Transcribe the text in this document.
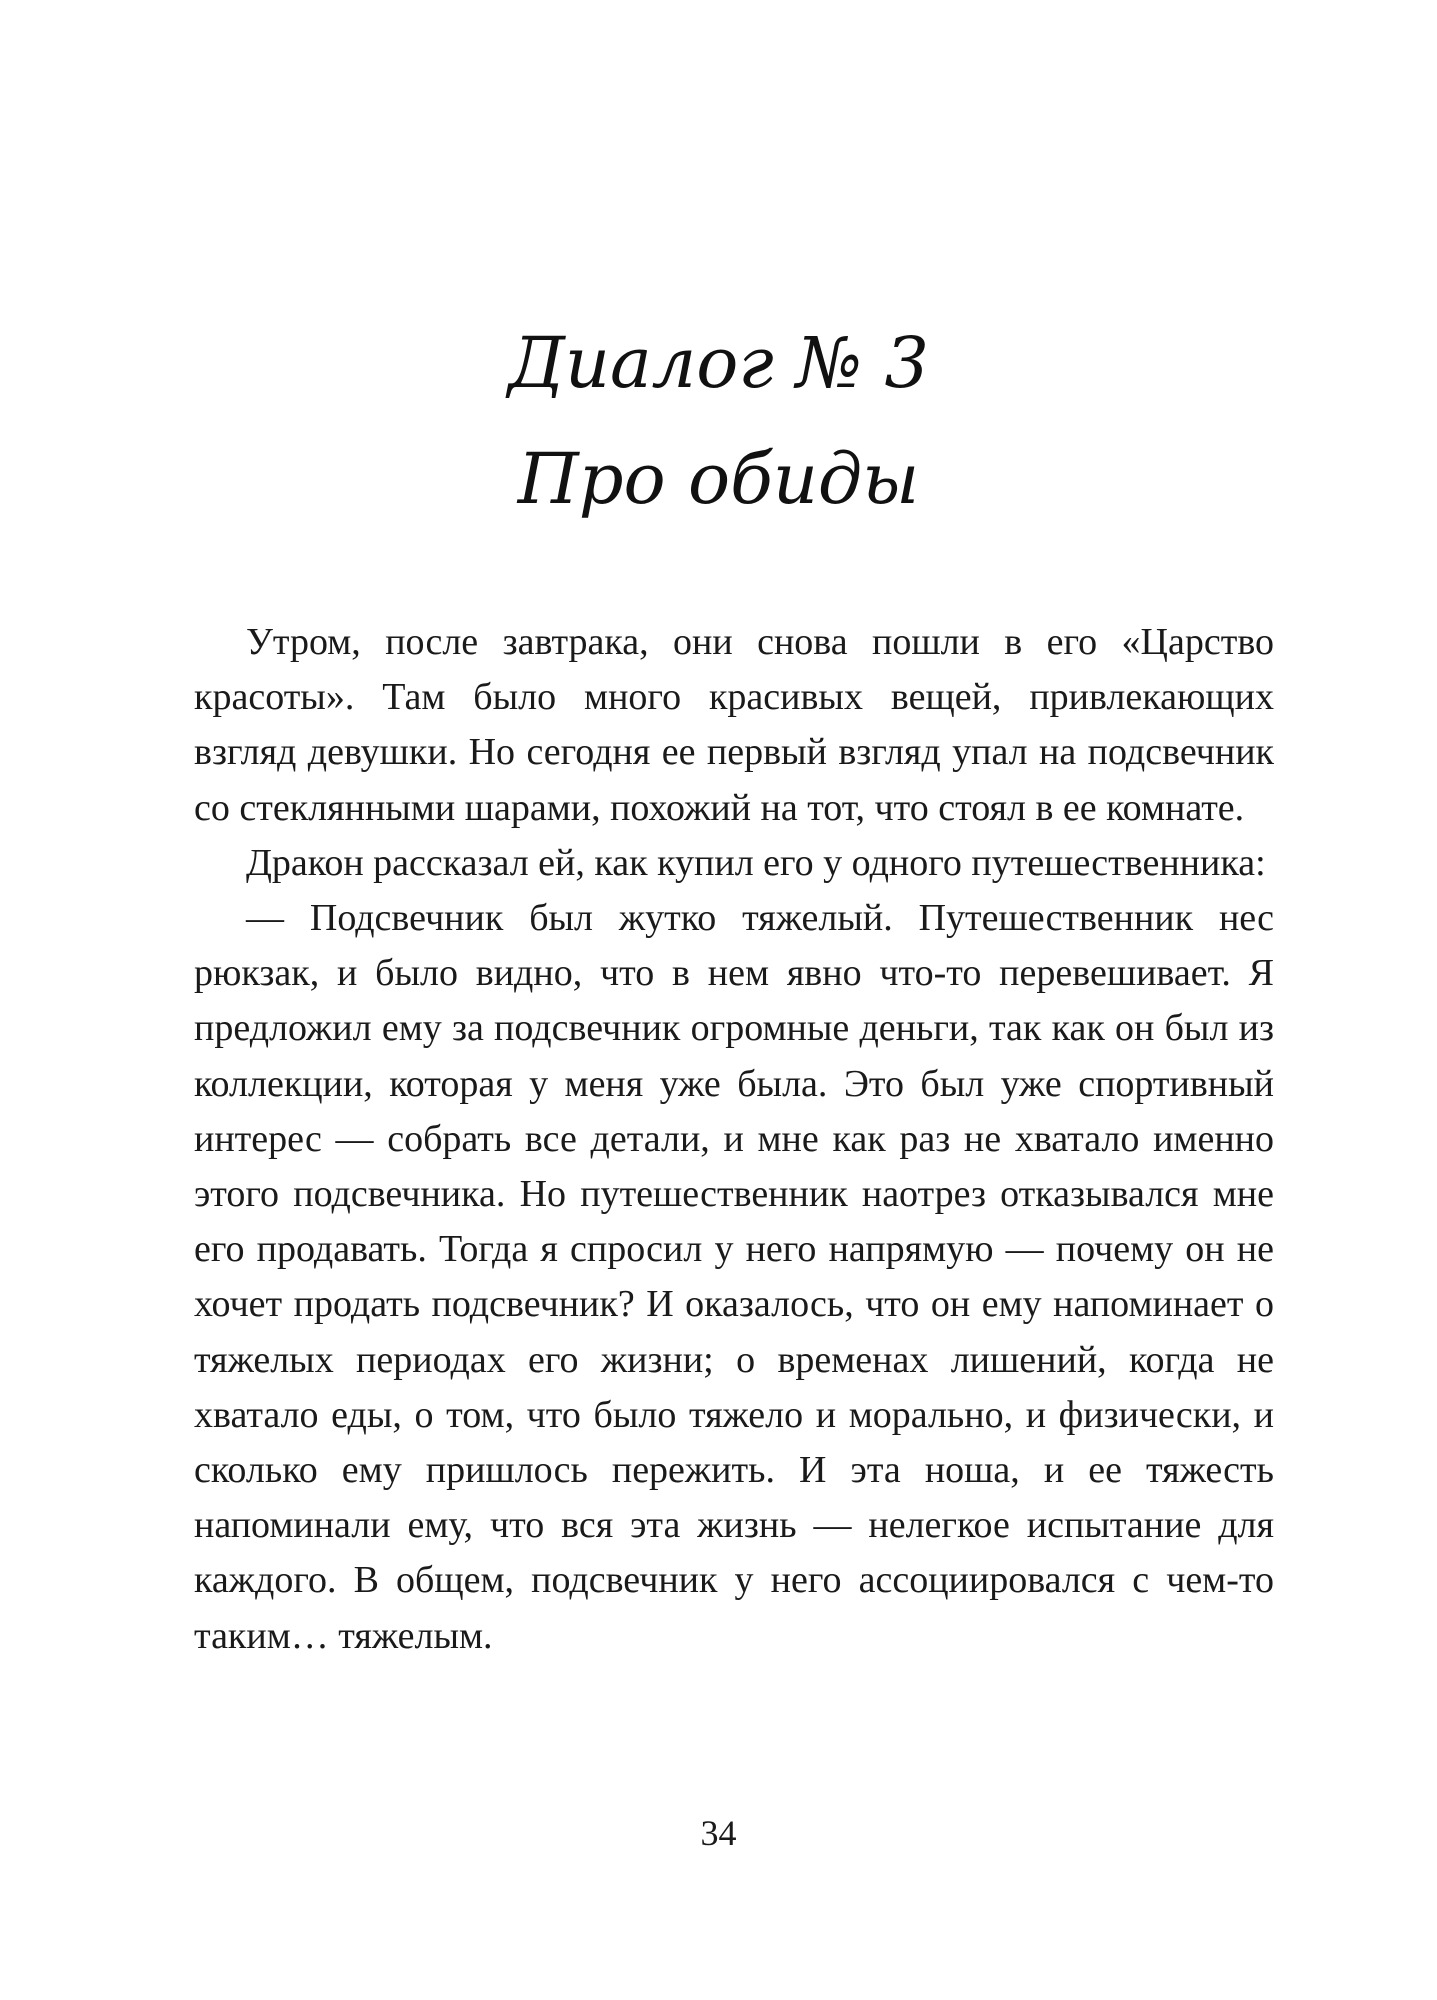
Диалог № 3
Про обиды

Утром, после завтрака, они снова пошли в его «Царство красоты». Там было много красивых вещей, привлекающих взгляд девушки. Но сегодня ее первый взгляд упал на подсвечник со стеклянными шарами, похожий на тот, что стоял в ее комнате.

Дракон рассказал ей, как купил его у одного путешественника:

— Подсвечник был жутко тяжелый. Путешественник нес рюкзак, и было видно, что в нем явно что-то перевешивает. Я предложил ему за подсвечник огромные деньги, так как он был из коллекции, которая у меня уже была. Это был уже спортивный интерес — собрать все детали, и мне как раз не хватало именно этого подсвечника. Но путешественник наотрез отказывался мне его продавать. Тогда я спросил у него напрямую — почему он не хочет продать подсвечник? И оказалось, что он ему напоминает о тяжелых периодах его жизни; о временах лишений, когда не хватало еды, о том, что было тяжело и морально, и физически, и сколько ему пришлось пережить. И эта ноша, и ее тяжесть напоминали ему, что вся эта жизнь — нелегкое испытание для каждого. В общем, подсвечник у него ассоциировался с чем-то таким… тяжелым.

34
